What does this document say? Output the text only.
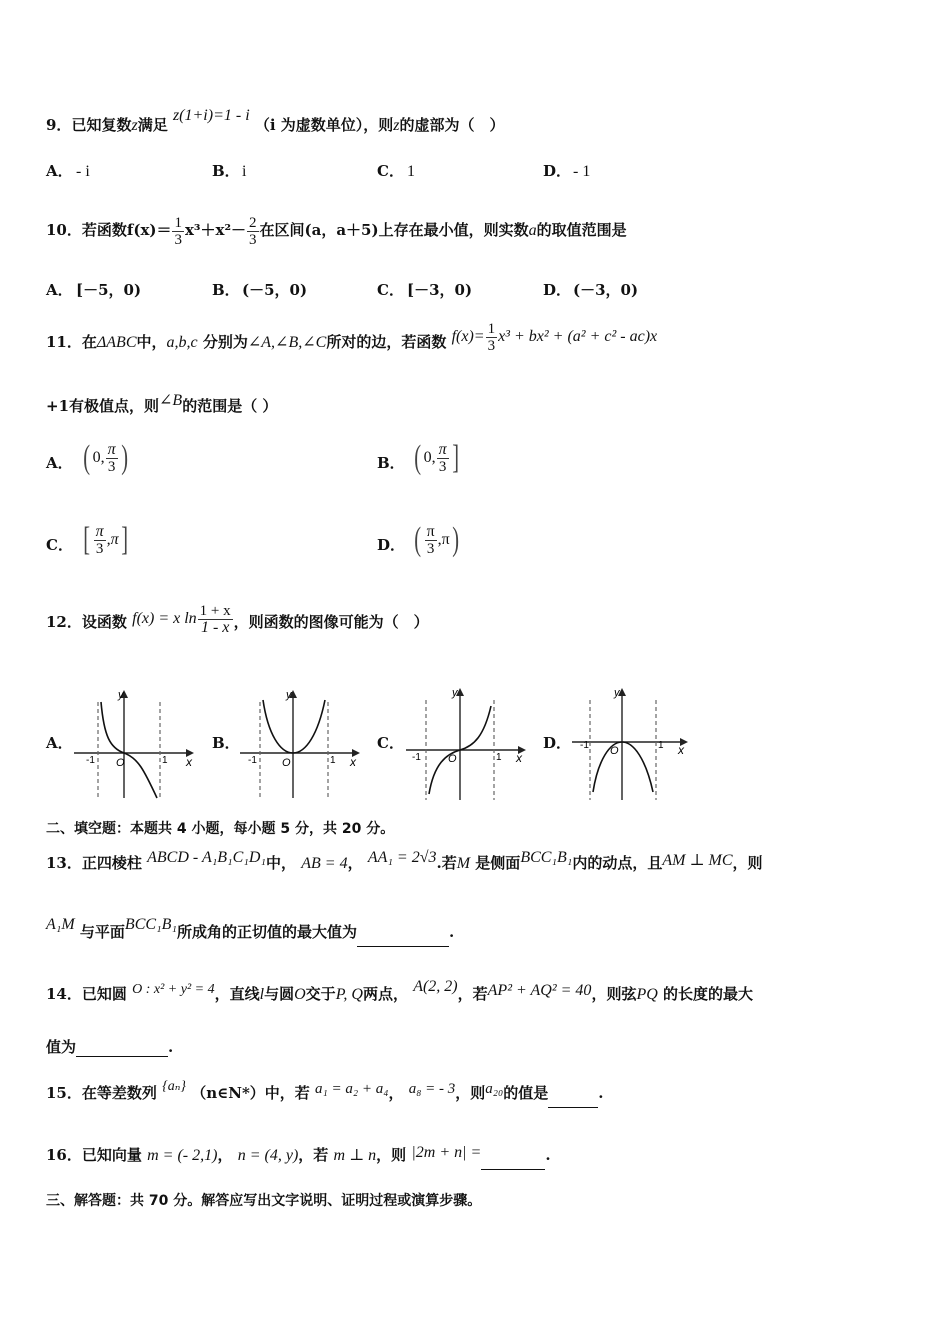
9．已知复数z满足 z(1+i)=1 - i （i 为虚数单位），则z的虚部为（　）
A． - i	B． i	C． 1	D． - 1
10．若函数$f(x)= \frac{1}{3} x^3+x^2- \frac{2}{3}$ 在区间(a，a＋5)上存在最小值，则实数a的取值范围是
A． [－5，0)	B． (－5，0)	C． [－3，0)	D． (－3，0)
11．在ΔABC中，a,b,c 分别为∠A,∠B,∠C所对的边，若函数 $f(x)= \frac{1}{3} x^3 + bx^2 + (a^2 + c^2 - ac)x$
+1有极值点，则∠B的范围是（ ）
A． ( 0, $\frac{\pi}{3}$ )	B． ( 0, $\frac{\pi}{3}$ ]
C． [ $\frac{\pi}{3} ,\pi$ ]	D． ( $\frac{\pi}{3} ,\pi$ )
12．设函数 f(x) = x $\ln \frac{1 + x}{1 - x}$ ，则函数的图像可能为（　）
A．	B．	C．	D．
y
x
O
-1	1
y
x
O
-1	1
y
x
O
-1	1
y
x
O
-1	1
二、填空题：本题共 4 小题，每小题 5 分，共 20 分。
13．正四棱柱 ABCD - A₁B₁C₁D₁中， AB = 4， AA₁ = 2√3.若M 是侧面BCC₁B₁内的动点，且AM ⊥ MC，则
A₁M 与平面BCC₁B₁所成角的正切值的最大值为	.
14．已知圆 O : x² + y² = 4，直线l与圆O交于P, Q两点， A(2, 2)，若AP² + AQ² = 40，则弦PQ 的长度的最大
值为	.
15．在等差数列 {aₙ} （n∈N*）中，若 a₁ = a₂ + a₄， a₈ = - 3，则a₂₀的值是	.
16．已知向量 m = (- 2,1)， n = (4, y)，若 m ⊥ n，则 |2m + n| =	.
三、解答题：共 70 分。解答应写出文字说明、证明过程或演算步骤。
